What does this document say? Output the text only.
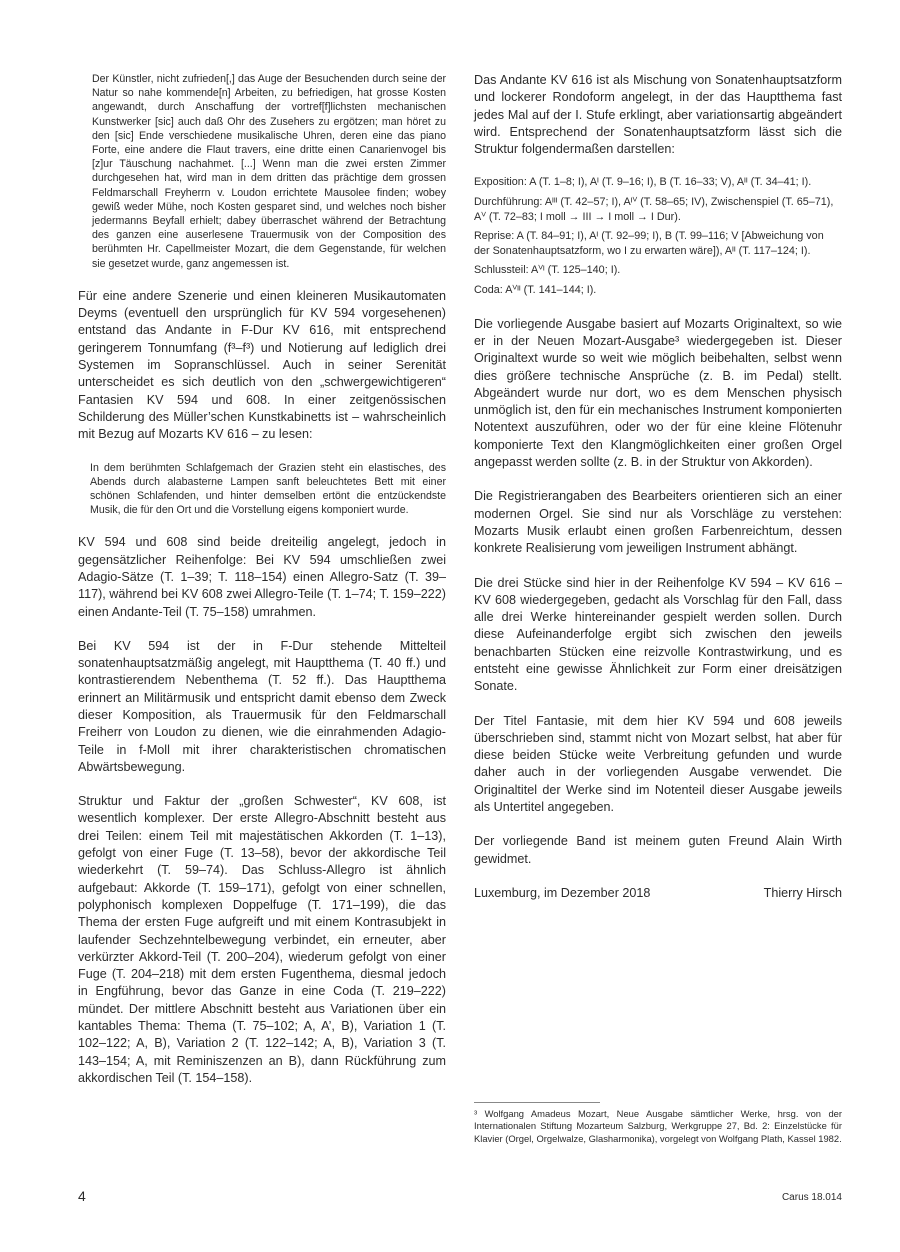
Der Künstler, nicht zufrieden[,] das Auge der Besuchenden durch seine der Natur so nahe kommende[n] Arbeiten, zu befriedigen, hat grosse Kosten angewandt, durch Anschaffung der vortref[f]lichsten mechanischen Kunstwerker [sic] auch daß Ohr des Zusehers zu ergötzen; man höret zu den [sic] Ende verschiedene musikalische Uhren, deren eine das piano Forte, eine andere die Flaut travers, eine dritte einen Canarienvogel bis [z]ur Täuschung nachahmet. [...] Wenn man die zwei ersten Zimmer durchgesehen hat, wird man in dem dritten das prächtige dem grossen Feldmarschall Freyherrn v. Loudon errichtete Mausolee finden; wobey gewiß weder Mühe, noch Kosten gesparet sind, und welches noch bisher jedermanns Beyfall erhielt; dabey überraschet während der Betrachtung des ganzen eine auserlesene Trauermusik von der Composition des berühmten Hr. Capellmeister Mozart, die dem Gegenstande, für welchen sie gesetzet wurde, ganz angemessen ist.

Für eine andere Szenerie und einen kleineren Musikautomaten Deyms (eventuell den ursprünglich für KV 594 vorgesehenen) entstand das Andante in F-Dur KV 616, mit entsprechend geringerem Tonnumfang (f³–f³) und Notierung auf lediglich drei Systemen im Sopranschlüssel. Auch in seiner Serenität unterscheidet es sich deutlich von den „schwergewichtigeren“ Fantasien KV 594 und 608. In einer zeitgenössischen Schilderung des Müller’schen Kunstkabinetts ist – wahrscheinlich mit Bezug auf Mozarts KV 616 – zu lesen:

In dem berühmten Schlafgemach der Grazien steht ein elastisches, des Abends durch alabasterne Lampen sanft beleuchtetes Bett mit einer schönen Schlafenden, und hinter demselben ertönt die entzückendste Musik, die für den Ort und die Vorstellung eigens komponiert wurde.

KV 594 und 608 sind beide dreiteilig angelegt, jedoch in gegensätzlicher Reihenfolge: Bei KV 594 umschließen zwei Adagio-Sätze (T. 1–39; T. 118–154) einen Allegro-Satz (T. 39–117), während bei KV 608 zwei Allegro-Teile (T. 1–74; T. 159–222) einen Andante-Teil (T. 75–158) umrahmen.

Bei KV 594 ist der in F-Dur stehende Mittelteil sonatenhauptsatzmäßig angelegt, mit Hauptthema (T. 40 ff.) und kontrastierendem Nebenthema (T. 52 ff.). Das Hauptthema erinnert an Militärmusik und entspricht damit ebenso dem Zweck dieser Komposition, als Trauermusik für den Feldmarschall Freiherr von Loudon zu dienen, wie die einrahmenden Adagio-Teile in f-Moll mit ihrer charakteristischen chromatischen Abwärtsbewegung.

Struktur und Faktur der „großen Schwester“, KV 608, ist wesentlich komplexer. Der erste Allegro-Abschnitt besteht aus drei Teilen: einem Teil mit majestätischen Akkorden (T. 1–13), gefolgt von einer Fuge (T. 13–58), bevor der akkordische Teil wiederkehrt (T. 59–74). Das Schluss-Allegro ist ähnlich aufgebaut: Akkorde (T. 159–171), gefolgt von einer schnellen, polyphonisch komplexen Doppelfuge (T. 171–199), die das Thema der ersten Fuge aufgreift und mit einem Kontrasubjekt in laufender Sechzehntelbewegung verbindet, ein erneuter, aber verkürzter Akkord-Teil (T. 200–204), wiederum gefolgt von einer Fuge (T. 204–218) mit dem ersten Fugenthema, diesmal jedoch in Engführung, bevor das Ganze in eine Coda (T. 219–222) mündet. Der mittlere Abschnitt besteht aus Variationen über ein kantables Thema: Thema (T. 75–102; A, A’, B), Variation 1 (T. 102–122; A, B), Variation 2 (T. 122–142; A, B), Variation 3 (T. 143–154; A, mit Reminiszenzen an B), dann Rückführung zum akkordischen Teil (T. 154–158).

Das Andante KV 616 ist als Mischung von Sonatenhauptsatzform und lockerer Rondoform angelegt, in der das Hauptthema fast jedes Mal auf der I. Stufe erklingt, aber variationsartig abgeändert wird. Entsprechend der Sonatenhauptsatzform lässt sich die Struktur folgendermaßen darstellen:

Exposition: A (T. 1–8; I), Aᴵ (T. 9–16; I), B (T. 16–33; V), Aᴵᴵ (T. 34–41; I).

Durchführung: Aᴵᴵᴵ (T. 42–57; I), Aᴵⱽ (T. 58–65; IV), Zwischenspiel (T. 65–71), Aⱽ (T. 72–83; I moll → III → I moll → I Dur).

Reprise: A (T. 84–91; I), Aᴵ (T. 92–99; I), B (T. 99–116; V [Abweichung von der Sonatenhauptsatzform, wo I zu erwarten wäre]), Aᴵᴵ (T. 117–124; I).

Schlussteil: Aⱽᴵ (T. 125–140; I).

Coda: Aⱽᴵᴵ (T. 141–144; I).

Die vorliegende Ausgabe basiert auf Mozarts Originaltext, so wie er in der Neuen Mozart-Ausgabe³ wiedergegeben ist. Dieser Originaltext wurde so weit wie möglich beibehalten, selbst wenn dies größere technische Ansprüche (z. B. im Pedal) stellt. Abgeändert wurde nur dort, wo es dem Menschen physisch unmöglich ist, den für ein mechanisches Instrument komponierten Notentext auszuführen, oder wo der für eine kleine Flötenuhr komponierte Text den Klangmöglichkeiten einer großen Orgel angepasst werden sollte (z. B. in der Struktur von Akkorden).

Die Registrierangaben des Bearbeiters orientieren sich an einer modernen Orgel. Sie sind nur als Vorschläge zu verstehen: Mozarts Musik erlaubt einen großen Farbenreichtum, dessen konkrete Realisierung vom jeweiligen Instrument abhängt.

Die drei Stücke sind hier in der Reihenfolge KV 594 – KV 616 – KV 608 wiedergegeben, gedacht als Vorschlag für den Fall, dass alle drei Werke hintereinander gespielt werden sollen. Durch diese Aufeinanderfolge ergibt sich zwischen den jeweils benachbarten Stücken eine reizvolle Kontrastwirkung, und es entsteht eine gewisse Ähnlichkeit zur Form einer dreisätzigen Sonate.

Der Titel Fantasie, mit dem hier KV 594 und 608 jeweils überschrieben sind, stammt nicht von Mozart selbst, hat aber für diese beiden Stücke weite Verbreitung gefunden und wurde daher auch in der vorliegenden Ausgabe verwendet. Die Originaltitel der Werke sind im Notenteil dieser Ausgabe jeweils als Untertitel angegeben.

Der vorliegende Band ist meinem guten Freund Alain Wirth gewidmet.

Luxemburg, im Dezember 2018	Thierry Hirsch

³ Wolfgang Amadeus Mozart, Neue Ausgabe sämtlicher Werke, hrsg. von der Internationalen Stiftung Mozarteum Salzburg, Werkgruppe 27, Bd. 2: Einzelstücke für Klavier (Orgel, Orgelwalze, Glasharmonika), vorgelegt von Wolfgang Plath, Kassel 1982.

4	Carus 18.014
